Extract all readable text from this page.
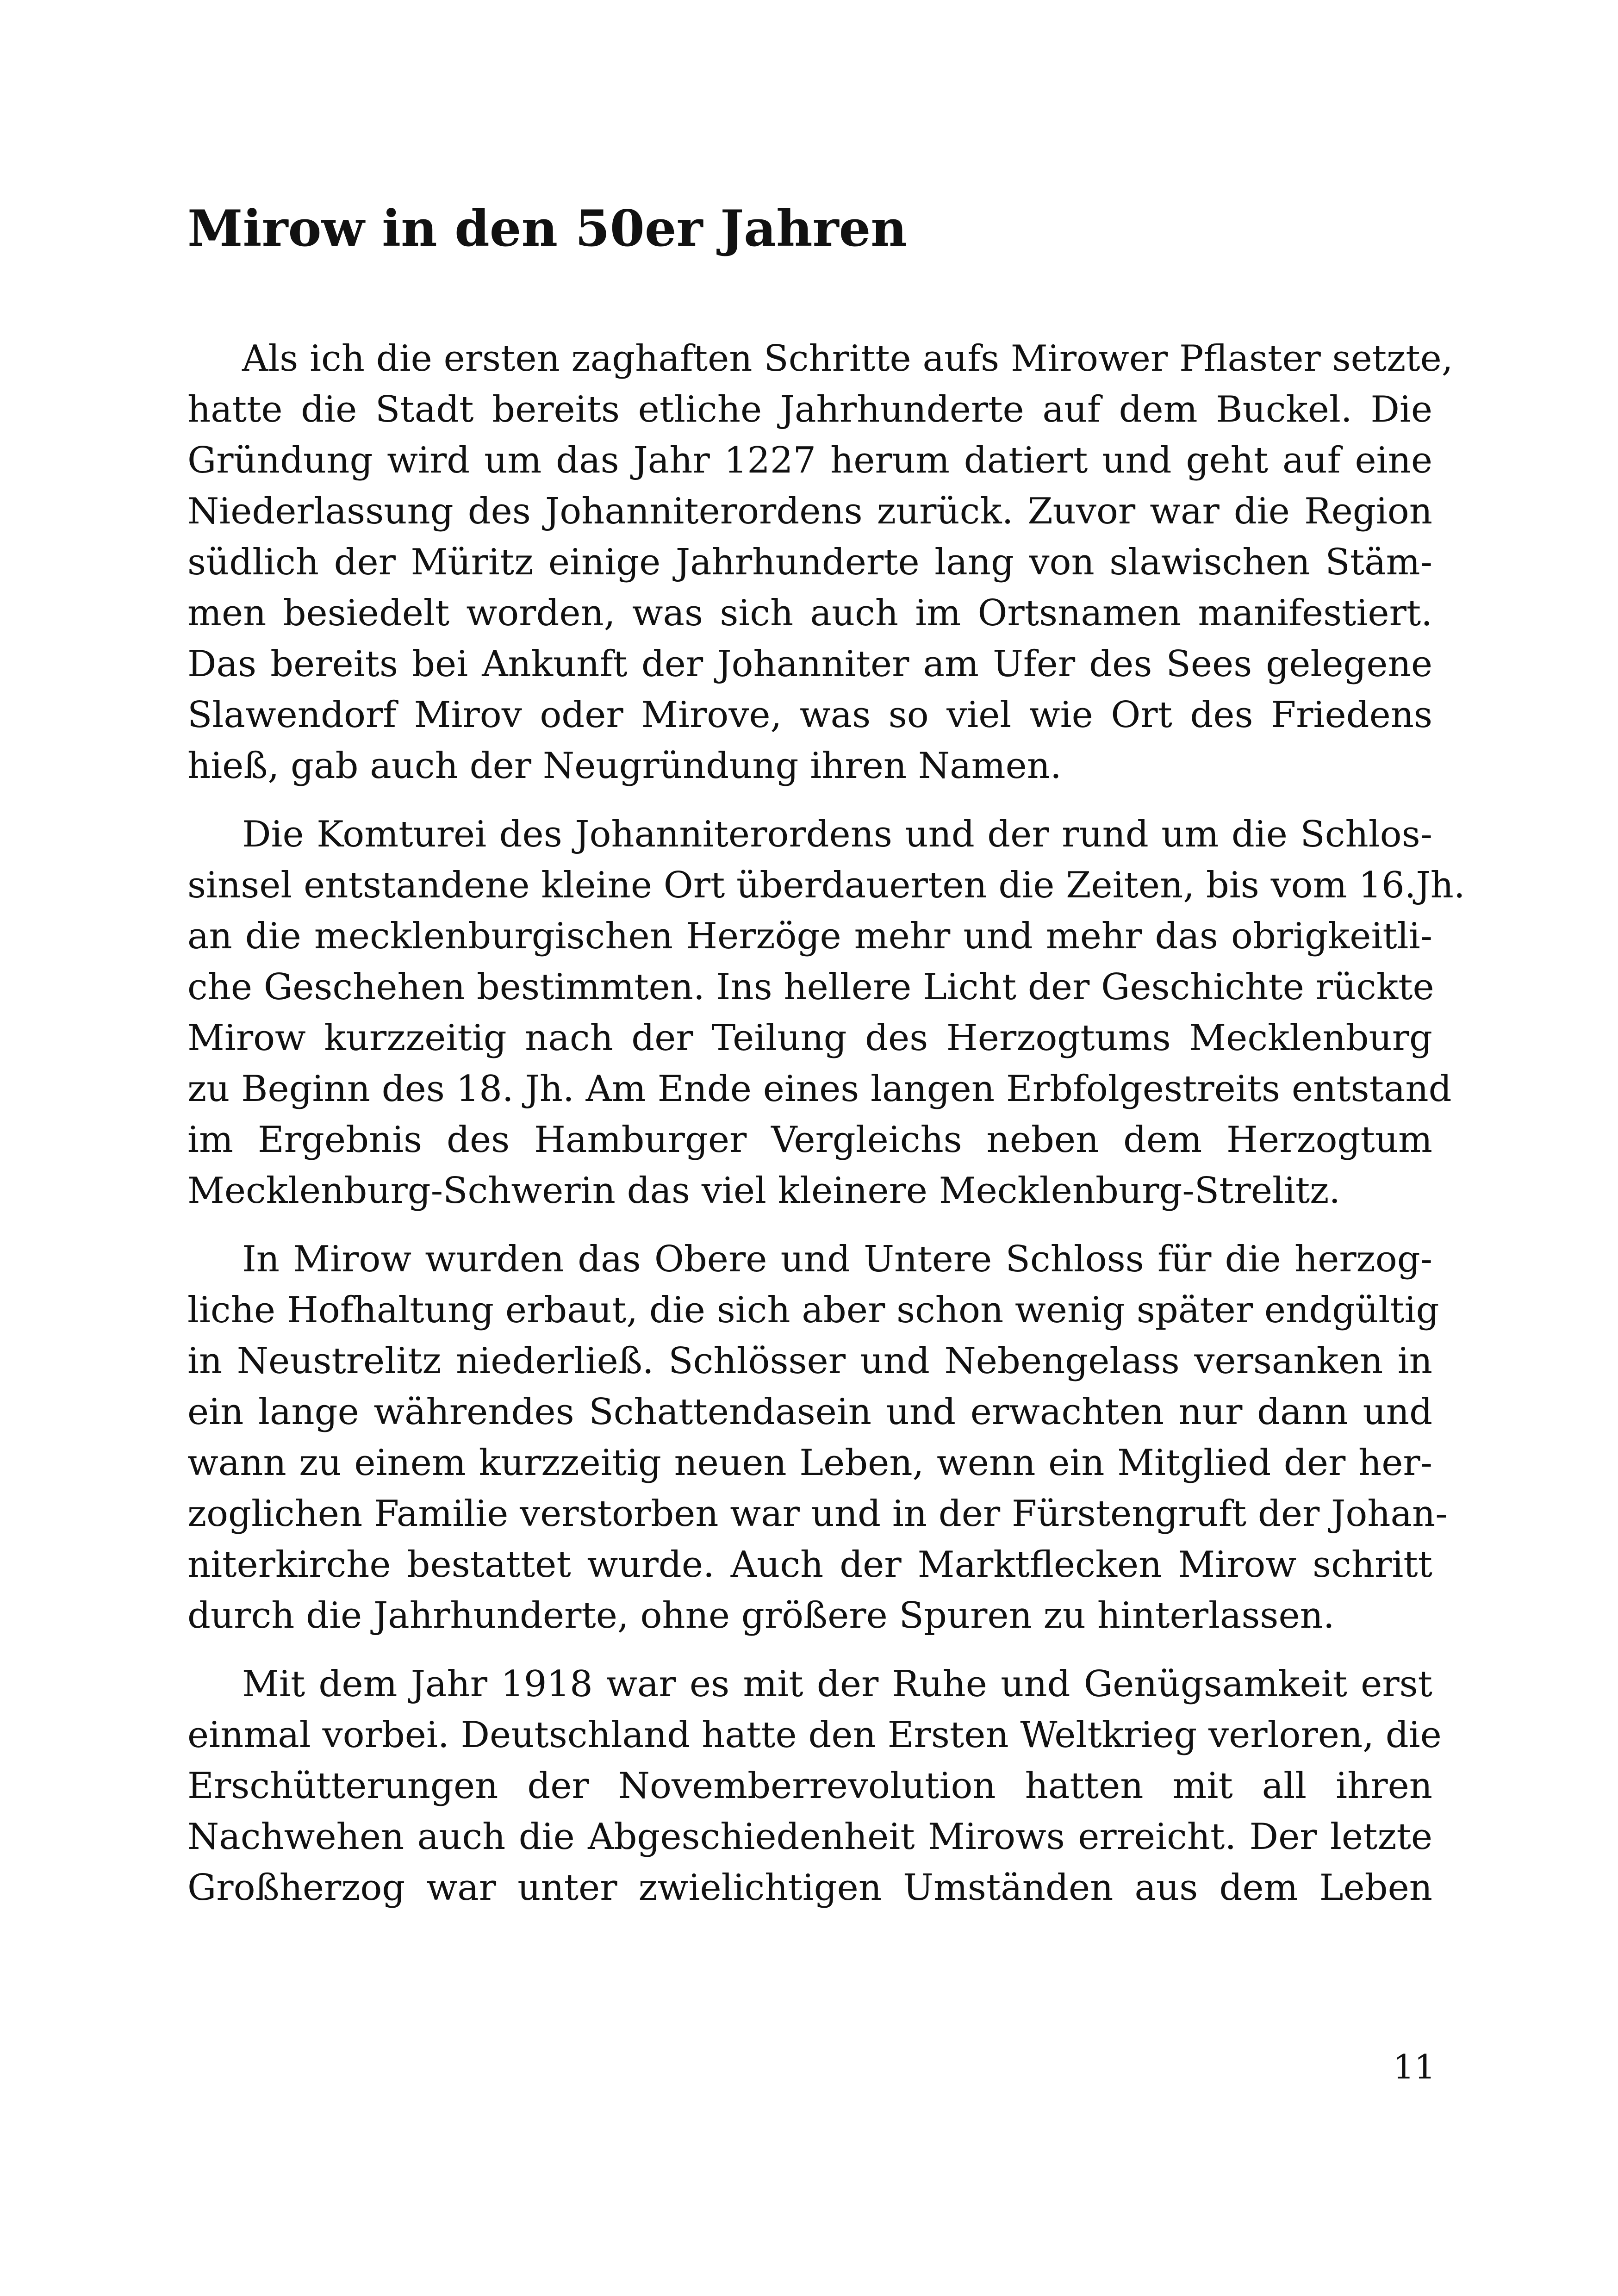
Mirow in den 50er Jahren

Als ich die ersten zaghaften Schritte aufs Mirower Pflaster setzte,
hatte die Stadt bereits etliche Jahrhunderte auf dem Buckel. Die
Gründung wird um das Jahr 1227 herum datiert und geht auf eine
Niederlassung des Johanniterordens zurück. Zuvor war die Region
südlich der Müritz einige Jahrhunderte lang von slawischen Stäm-
men besiedelt worden, was sich auch im Ortsnamen manifestiert.
Das bereits bei Ankunft der Johanniter am Ufer des Sees gelegene
Slawendorf Mirov oder Mirove, was so viel wie Ort des Friedens
hieß, gab auch der Neugründung ihren Namen.

Die Komturei des Johanniterordens und der rund um die Schlos-
sinsel entstandene kleine Ort überdauerten die Zeiten, bis vom 16.Jh.
an die mecklenburgischen Herzöge mehr und mehr das obrigkeitli-
che Geschehen bestimmten. Ins hellere Licht der Geschichte rückte
Mirow kurzzeitig nach der Teilung des Herzogtums Mecklenburg
zu Beginn des 18. Jh. Am Ende eines langen Erbfolgestreits entstand
im Ergebnis des Hamburger Vergleichs neben dem Herzogtum
Mecklenburg-Schwerin das viel kleinere Mecklenburg-Strelitz.

In Mirow wurden das Obere und Untere Schloss für die herzog-
liche Hofhaltung erbaut, die sich aber schon wenig später endgültig
in Neustrelitz niederließ. Schlösser und Nebengelass versanken in
ein lange währendes Schattendasein und erwachten nur dann und
wann zu einem kurzzeitig neuen Leben, wenn ein Mitglied der her-
zoglichen Familie verstorben war und in der Fürstengruft der Johan-
niterkirche bestattet wurde. Auch der Marktflecken Mirow schritt
durch die Jahrhunderte, ohne größere Spuren zu hinterlassen.

Mit dem Jahr 1918 war es mit der Ruhe und Genügsamkeit erst
einmal vorbei. Deutschland hatte den Ersten Weltkrieg verloren, die
Erschütterungen der Novemberrevolution hatten mit all ihren
Nachwehen auch die Abgeschiedenheit Mirows erreicht. Der letzte
Großherzog war unter zwielichtigen Umständen aus dem Leben

11
